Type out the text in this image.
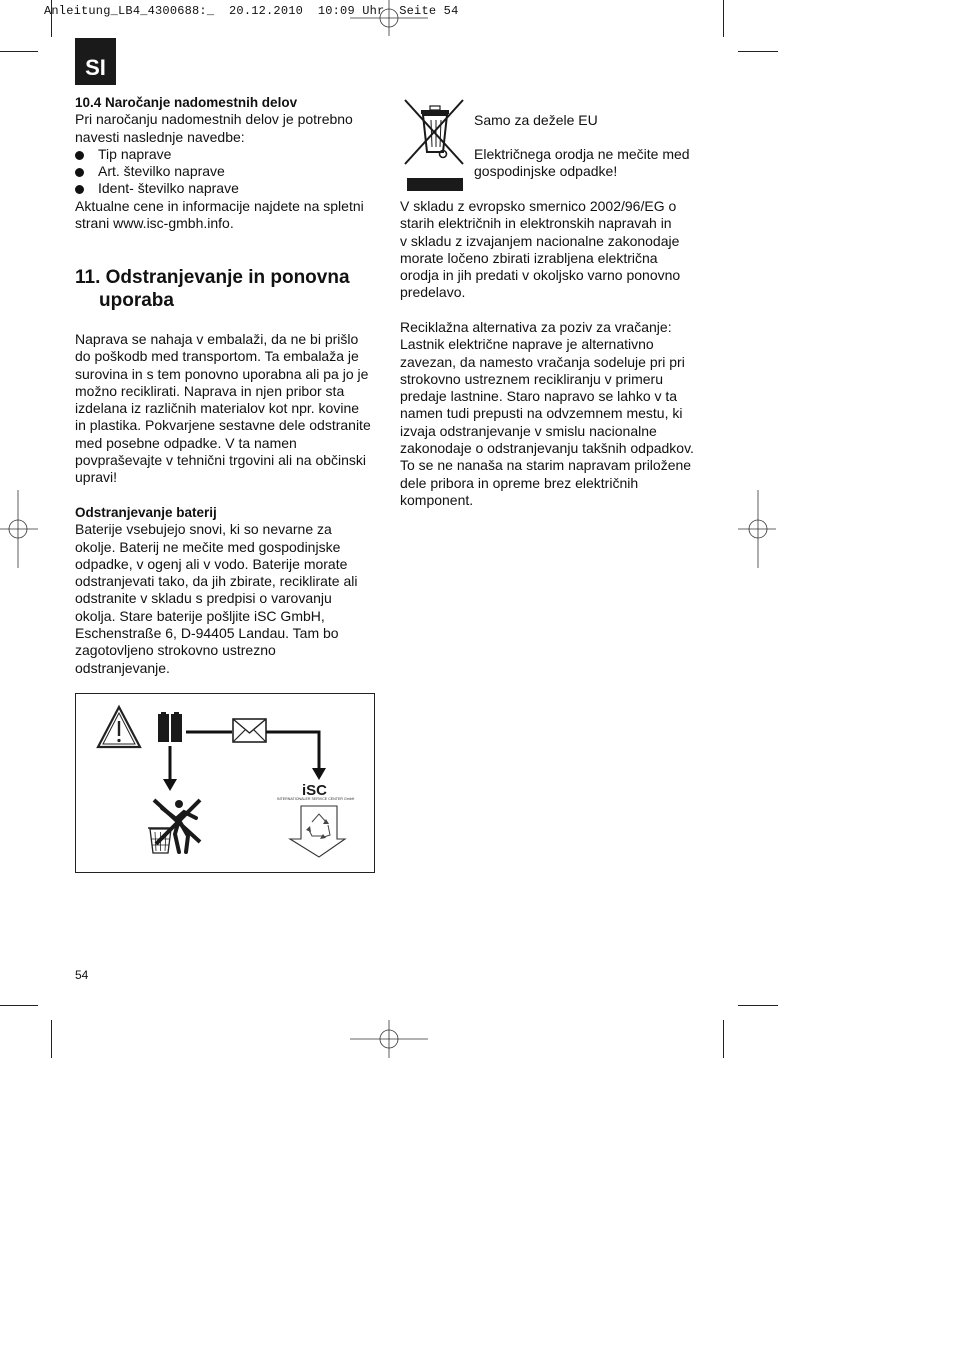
Anleitung_LB4_4300688:_  20.12.2010  10:09 Uhr  Seite 54
SI

10.4 Naročanje nadomestnih delov

Pri naročanju nadomestnih delov je potrebno

navesti naslednje navedbe:

Tip naprave
Art. številko naprave
Ident- številko naprave

Aktualne cene in informacije najdete na spletni

strani www.isc-gmbh.info.

11. Odstranjevanje in ponovna

uporaba

Naprava se nahaja v embalaži, da ne bi prišlo

do poškodb med transportom. Ta embalaža je

surovina in s tem ponovno uporabna ali pa jo je

možno reciklirati. Naprava in njen pribor sta

izdelana iz različnih materialov kot npr. kovine

in plastika. Pokvarjene sestavne dele odstranite

med posebne odpadke. V ta namen

povpraševajte v tehnični trgovini ali na občinski

upravi!

Odstranjevanje baterij

Baterije vsebujejo snovi, ki so nevarne za

okolje. Baterij ne mečite med gospodinjske

odpadke, v ogenj ali v vodo. Baterije morate

odstranjevati tako, da jih zbirate, reciklirate ali

odstranite v skladu s predpisi o varovanju

okolja. Stare baterije pošljite iSC GmbH,

Eschenstraße 6, D-94405 Landau. Tam bo

zagotovljeno strokovno ustrezno

odstranjevanje.

iSC
INTERNATIONALER SERVICE CENTER GmbH
Samo za dežele EU

Električnega orodja ne mečite med

gospodinjske odpadke!

V skladu z evropsko smernico 2002/96/EG o

starih električnih in elektronskih napravah in

v skladu z izvajanjem nacionalne zakonodaje

morate ločeno zbirati izrabljena električna

orodja in jih predati v okoljsko varno ponovno

predelavo.

Reciklažna alternativa za poziv za vračanje:

Lastnik električne naprave je alternativno

zavezan, da namesto vračanja sodeluje pri pri

strokovno ustreznem recikliranju v primeru

predaje lastnine. Staro napravo se lahko v ta

namen tudi prepusti na odvzemnem mestu, ki

izvaja odstranjevanje v smislu nacionalne

zakonodaje o odstranjevanju takšnih odpadkov.

To se ne nanaša na starim napravam priložene

dele pribora in opreme brez električnih

komponent.

54
